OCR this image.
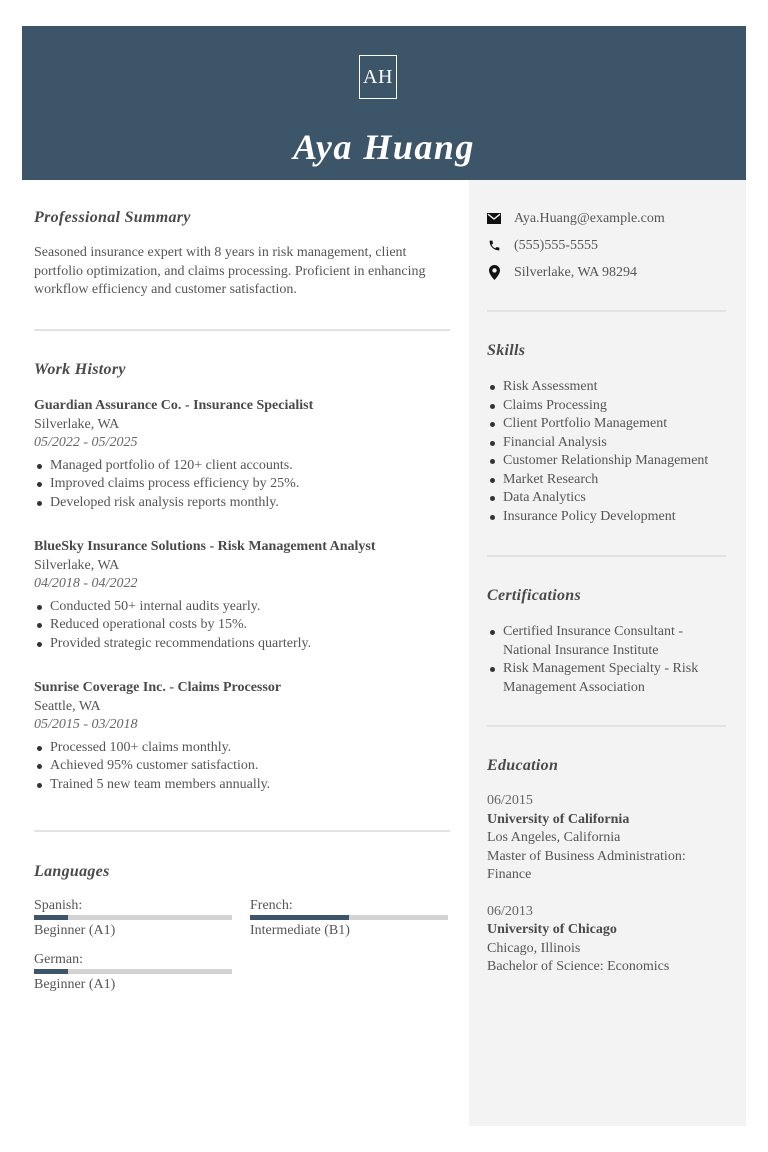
AH
Aya Huang
Aya.Huang@example.com
(555)555-5555
Silverlake, WA 98294
Skills
Risk Assessment
Claims Processing
Client Portfolio Management
Financial Analysis
Customer Relationship Management
Market Research
Data Analytics
Insurance Policy Development
Certifications
Certified Insurance Consultant - National Insurance Institute
Risk Management Specialty - Risk Management Association
Education
06/2015
University of California
Los Angeles, California
Master of Business Administration: Finance
06/2013
University of Chicago
Chicago, Illinois
Bachelor of Science: Economics
Professional Summary
Seasoned insurance expert with 8 years in risk management, client portfolio optimization, and claims processing. Proficient in enhancing workflow efficiency and customer satisfaction.
Work History
Guardian Assurance Co. - Insurance Specialist
Silverlake, WA
05/2022 - 05/2025
Managed portfolio of 120+ client accounts.
Improved claims process efficiency by 25%.
Developed risk analysis reports monthly.
BlueSky Insurance Solutions - Risk Management Analyst
Silverlake, WA
04/2018 - 04/2022
Conducted 50+ internal audits yearly.
Reduced operational costs by 15%.
Provided strategic recommendations quarterly.
Sunrise Coverage Inc. - Claims Processor
Seattle, WA
05/2015 - 03/2018
Processed 100+ claims monthly.
Achieved 95% customer satisfaction.
Trained 5 new team members annually.
Languages
Spanish:
Beginner (A1)
French:
Intermediate (B1)
German:
Beginner (A1)
